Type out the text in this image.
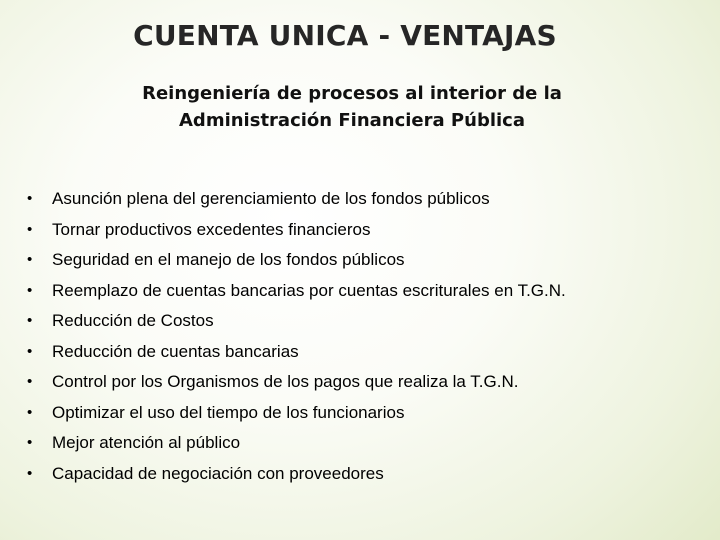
CUENTA UNICA - VENTAJAS
Reingeniería de procesos al interior de la
Administración Financiera Pública
• Asunción plena del gerenciamiento de los fondos públicos
• Tornar productivos excedentes financieros
• Seguridad en el manejo de los fondos públicos
• Reemplazo de cuentas bancarias por cuentas escriturales en T.G.N.
• Reducción de Costos
• Reducción de cuentas bancarias
• Control por los Organismos de los pagos que realiza la T.G.N.
• Optimizar el uso del tiempo de los funcionarios
• Mejor atención al público
• Capacidad de negociación con proveedores
